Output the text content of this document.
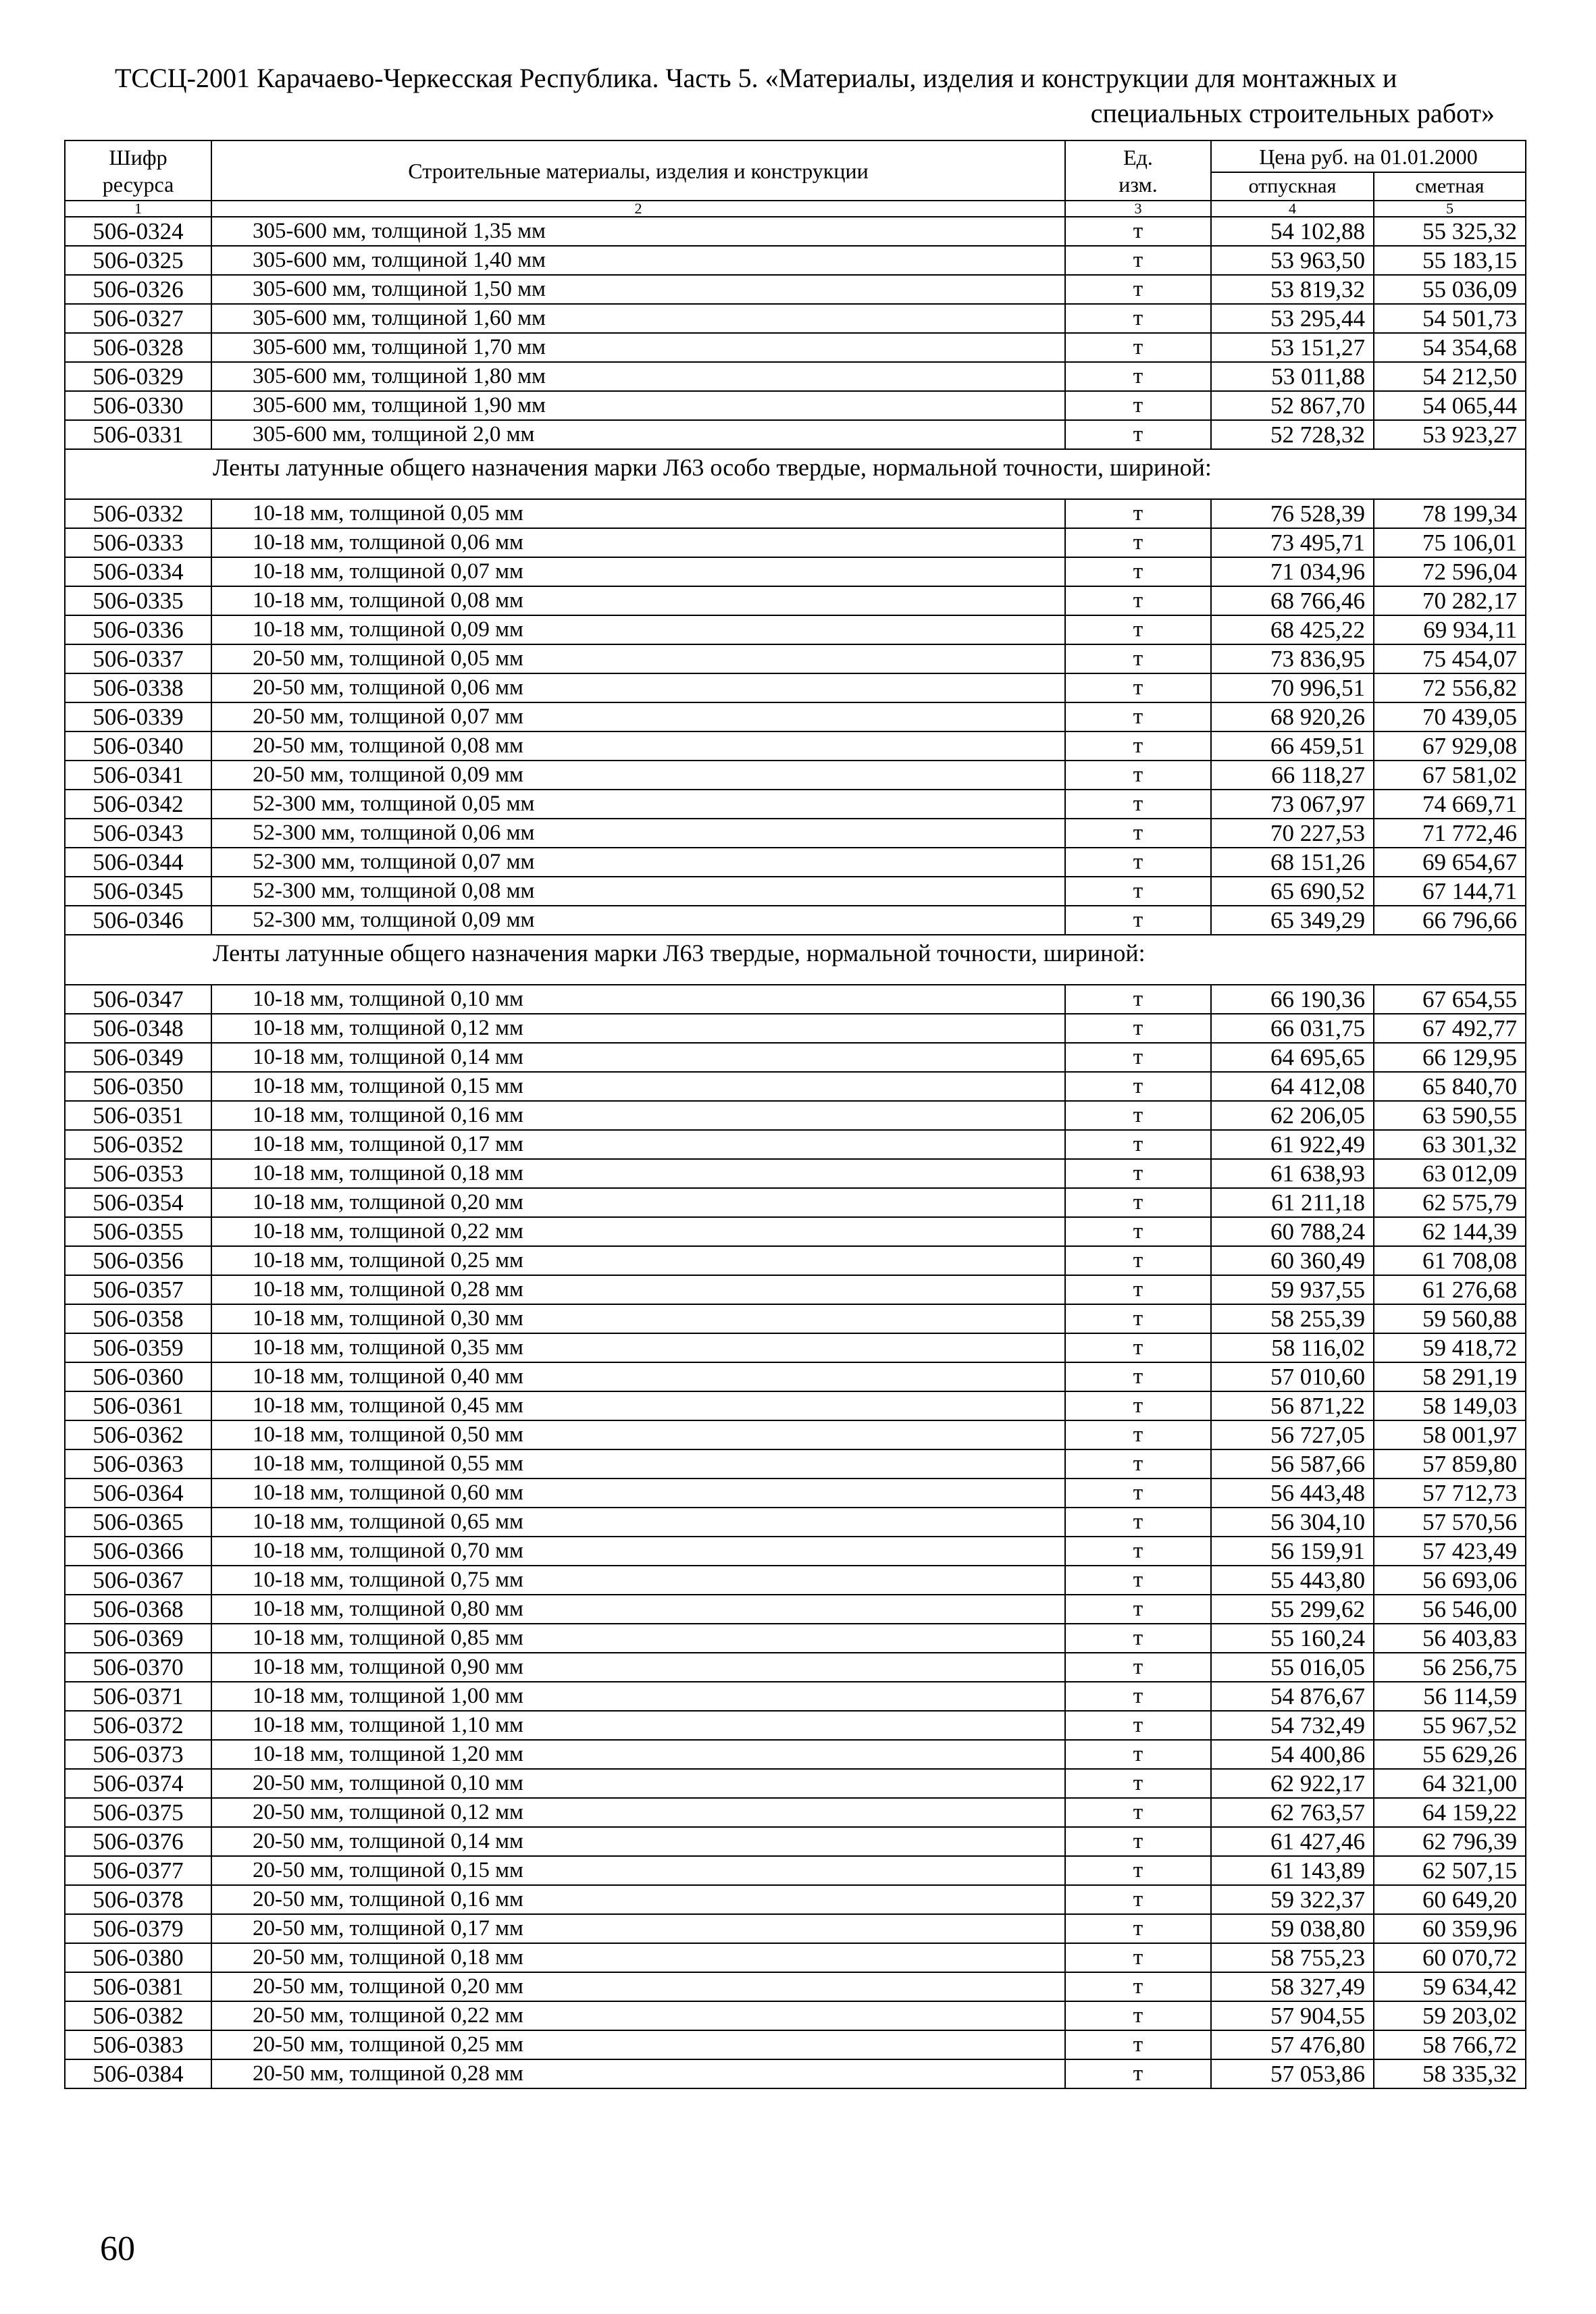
ТССЦ-2001 Карачаево-Черкесская Республика. Часть 5. «Материалы, изделия и конструкции для монтажных и
специальных строительных работ»
Шифр ресурса	Строительные материалы, изделия и конструкции	Ед. изм.	Цена руб. на 01.01.2000	
			отпускная	сметная
1	2	3	4	5
506-0324	305-600 мм, толщиной 1,35 мм	т	54 102,88	55 325,32
506-0325	305-600 мм, толщиной 1,40 мм	т	53 963,50	55 183,15
506-0326	305-600 мм, толщиной 1,50 мм	т	53 819,32	55 036,09
506-0327	305-600 мм, толщиной 1,60 мм	т	53 295,44	54 501,73
506-0328	305-600 мм, толщиной 1,70 мм	т	53 151,27	54 354,68
506-0329	305-600 мм, толщиной 1,80 мм	т	53 011,88	54 212,50
506-0330	305-600 мм, толщиной 1,90 мм	т	52 867,70	54 065,44
506-0331	305-600 мм, толщиной 2,0 мм	т	52 728,32	53 923,27
Ленты латунные общего назначения марки Л63 особо твердые, нормальной точности, шириной:				
506-0332	10-18 мм, толщиной 0,05 мм	т	76 528,39	78 199,34
506-0333	10-18 мм, толщиной 0,06 мм	т	73 495,71	75 106,01
506-0334	10-18 мм, толщиной 0,07 мм	т	71 034,96	72 596,04
506-0335	10-18 мм, толщиной 0,08 мм	т	68 766,46	70 282,17
506-0336	10-18 мм, толщиной 0,09 мм	т	68 425,22	69 934,11
506-0337	20-50 мм, толщиной 0,05 мм	т	73 836,95	75 454,07
506-0338	20-50 мм, толщиной 0,06 мм	т	70 996,51	72 556,82
506-0339	20-50 мм, толщиной 0,07 мм	т	68 920,26	70 439,05
506-0340	20-50 мм, толщиной 0,08 мм	т	66 459,51	67 929,08
506-0341	20-50 мм, толщиной 0,09 мм	т	66 118,27	67 581,02
506-0342	52-300 мм, толщиной 0,05 мм	т	73 067,97	74 669,71
506-0343	52-300 мм, толщиной 0,06 мм	т	70 227,53	71 772,46
506-0344	52-300 мм, толщиной 0,07 мм	т	68 151,26	69 654,67
506-0345	52-300 мм, толщиной 0,08 мм	т	65 690,52	67 144,71
506-0346	52-300 мм, толщиной 0,09 мм	т	65 349,29	66 796,66
Ленты латунные общего назначения марки Л63 твердые, нормальной точности, шириной:				
506-0347	10-18 мм, толщиной 0,10 мм	т	66 190,36	67 654,55
506-0348	10-18 мм, толщиной 0,12 мм	т	66 031,75	67 492,77
506-0349	10-18 мм, толщиной 0,14 мм	т	64 695,65	66 129,95
506-0350	10-18 мм, толщиной 0,15 мм	т	64 412,08	65 840,70
506-0351	10-18 мм, толщиной 0,16 мм	т	62 206,05	63 590,55
506-0352	10-18 мм, толщиной 0,17 мм	т	61 922,49	63 301,32
506-0353	10-18 мм, толщиной 0,18 мм	т	61 638,93	63 012,09
506-0354	10-18 мм, толщиной 0,20 мм	т	61 211,18	62 575,79
506-0355	10-18 мм, толщиной 0,22 мм	т	60 788,24	62 144,39
506-0356	10-18 мм, толщиной 0,25 мм	т	60 360,49	61 708,08
506-0357	10-18 мм, толщиной 0,28 мм	т	59 937,55	61 276,68
506-0358	10-18 мм, толщиной 0,30 мм	т	58 255,39	59 560,88
506-0359	10-18 мм, толщиной 0,35 мм	т	58 116,02	59 418,72
506-0360	10-18 мм, толщиной 0,40 мм	т	57 010,60	58 291,19
506-0361	10-18 мм, толщиной 0,45 мм	т	56 871,22	58 149,03
506-0362	10-18 мм, толщиной 0,50 мм	т	56 727,05	58 001,97
506-0363	10-18 мм, толщиной 0,55 мм	т	56 587,66	57 859,80
506-0364	10-18 мм, толщиной 0,60 мм	т	56 443,48	57 712,73
506-0365	10-18 мм, толщиной 0,65 мм	т	56 304,10	57 570,56
506-0366	10-18 мм, толщиной 0,70 мм	т	56 159,91	57 423,49
506-0367	10-18 мм, толщиной 0,75 мм	т	55 443,80	56 693,06
506-0368	10-18 мм, толщиной 0,80 мм	т	55 299,62	56 546,00
506-0369	10-18 мм, толщиной 0,85 мм	т	55 160,24	56 403,83
506-0370	10-18 мм, толщиной 0,90 мм	т	55 016,05	56 256,75
506-0371	10-18 мм, толщиной 1,00 мм	т	54 876,67	56 114,59
506-0372	10-18 мм, толщиной 1,10 мм	т	54 732,49	55 967,52
506-0373	10-18 мм, толщиной 1,20 мм	т	54 400,86	55 629,26
506-0374	20-50 мм, толщиной 0,10 мм	т	62 922,17	64 321,00
506-0375	20-50 мм, толщиной 0,12 мм	т	62 763,57	64 159,22
506-0376	20-50 мм, толщиной 0,14 мм	т	61 427,46	62 796,39
506-0377	20-50 мм, толщиной 0,15 мм	т	61 143,89	62 507,15
506-0378	20-50 мм, толщиной 0,16 мм	т	59 322,37	60 649,20
506-0379	20-50 мм, толщиной 0,17 мм	т	59 038,80	60 359,96
506-0380	20-50 мм, толщиной 0,18 мм	т	58 755,23	60 070,72
506-0381	20-50 мм, толщиной 0,20 мм	т	58 327,49	59 634,42
506-0382	20-50 мм, толщиной 0,22 мм	т	57 904,55	59 203,02
506-0383	20-50 мм, толщиной 0,25 мм	т	57 476,80	58 766,72
506-0384	20-50 мм, толщиной 0,28 мм	т	57 053,86	58 335,32
60
